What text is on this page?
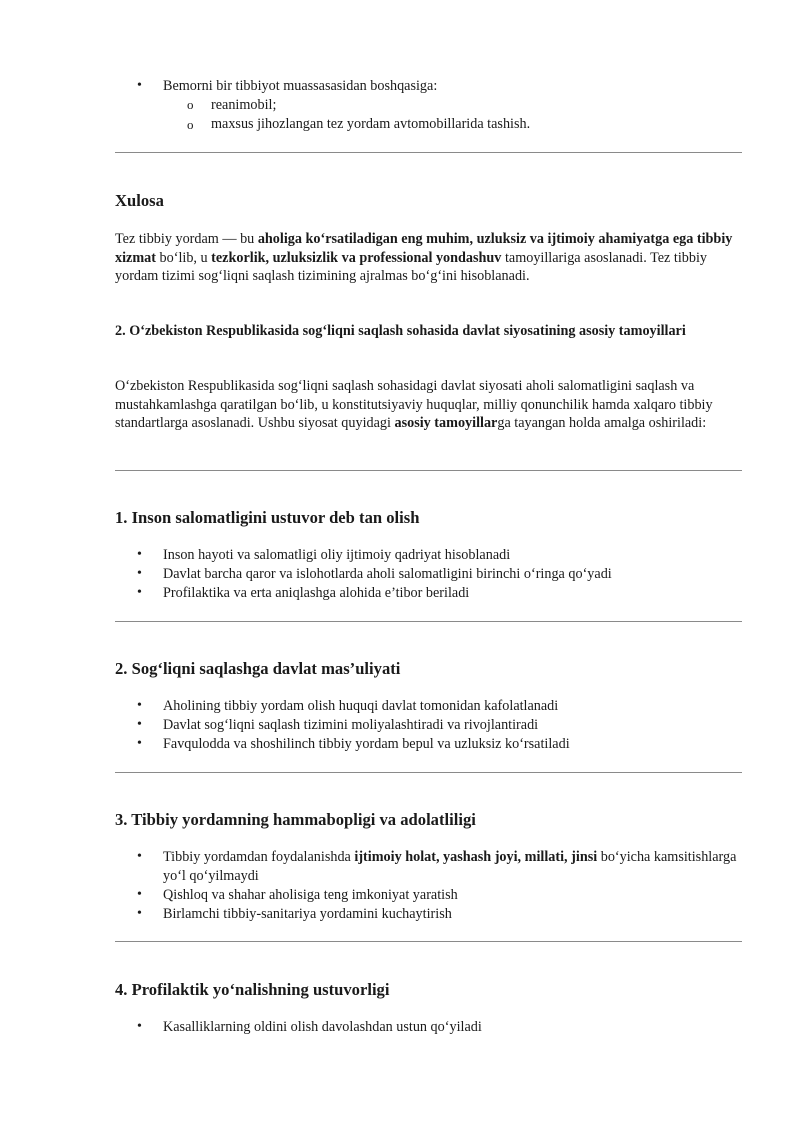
• Bemorni bir tibbiyot muassasasidan boshqasiga:
o reanimobil;
o maxsus jihozlangan tez yordam avtomobillarida tashish.
Xulosa

Tez tibbiy yordam — bu aholiga ko‘rsatiladigan eng muhim, uzluksiz va ijtimoiy ahamiyatga ega tibbiy xizmat bo‘lib, u tezkorlik, uzluksizlik va professional yondashuv tamoyillariga asoslanadi. Tez tibbiy yordam tizimi sog‘liqni saqlash tizimining ajralmas bo‘g‘ini hisoblanadi.

2. O‘zbekiston Respublikasida sog‘liqni saqlash sohasida davlat siyosatining asosiy tamoyillari

O‘zbekiston Respublikasida sog‘liqni saqlash sohasidagi davlat siyosati aholi salomatligini saqlash va mustahkamlashga qaratilgan bo‘lib, u konstitutsiyaviy huquqlar, milliy qonunchilik hamda xalqaro tibbiy standartlarga asoslanadi. Ushbu siyosat quyidagi asosiy tamoyillarga tayangan holda amalga oshiriladi:

1. Inson salomatligini ustuvor deb tan olish
• Inson hayoti va salomatligi oliy ijtimoiy qadriyat hisoblanadi
• Davlat barcha qaror va islohotlarda aholi salomatligini birinchi o‘ringa qo‘yadi
• Profilaktika va erta aniqlashga alohida e’tibor beriladi
2. Sog‘liqni saqlashga davlat mas’uliyati
• Aholining tibbiy yordam olish huquqi davlat tomonidan kafolatlanadi
• Davlat sog‘liqni saqlash tizimini moliyalashtiradi va rivojlantiradi
• Favqulodda va shoshilinch tibbiy yordam bepul va uzluksiz ko‘rsatiladi
3. Tibbiy yordamning hammabopligi va adolatliligi
• Tibbiy yordamdan foydalanishda ijtimoiy holat, yashash joyi, millati, jinsi bo‘yicha kamsitishlarga yo‘l qo‘yilmaydi
• Qishloq va shahar aholisiga teng imkoniyat yaratish
• Birlamchi tibbiy-sanitariya yordamini kuchaytirish
4. Profilaktik yo‘nalishning ustuvorligi
• Kasalliklarning oldini olish davolashdan ustun qo‘yiladi
